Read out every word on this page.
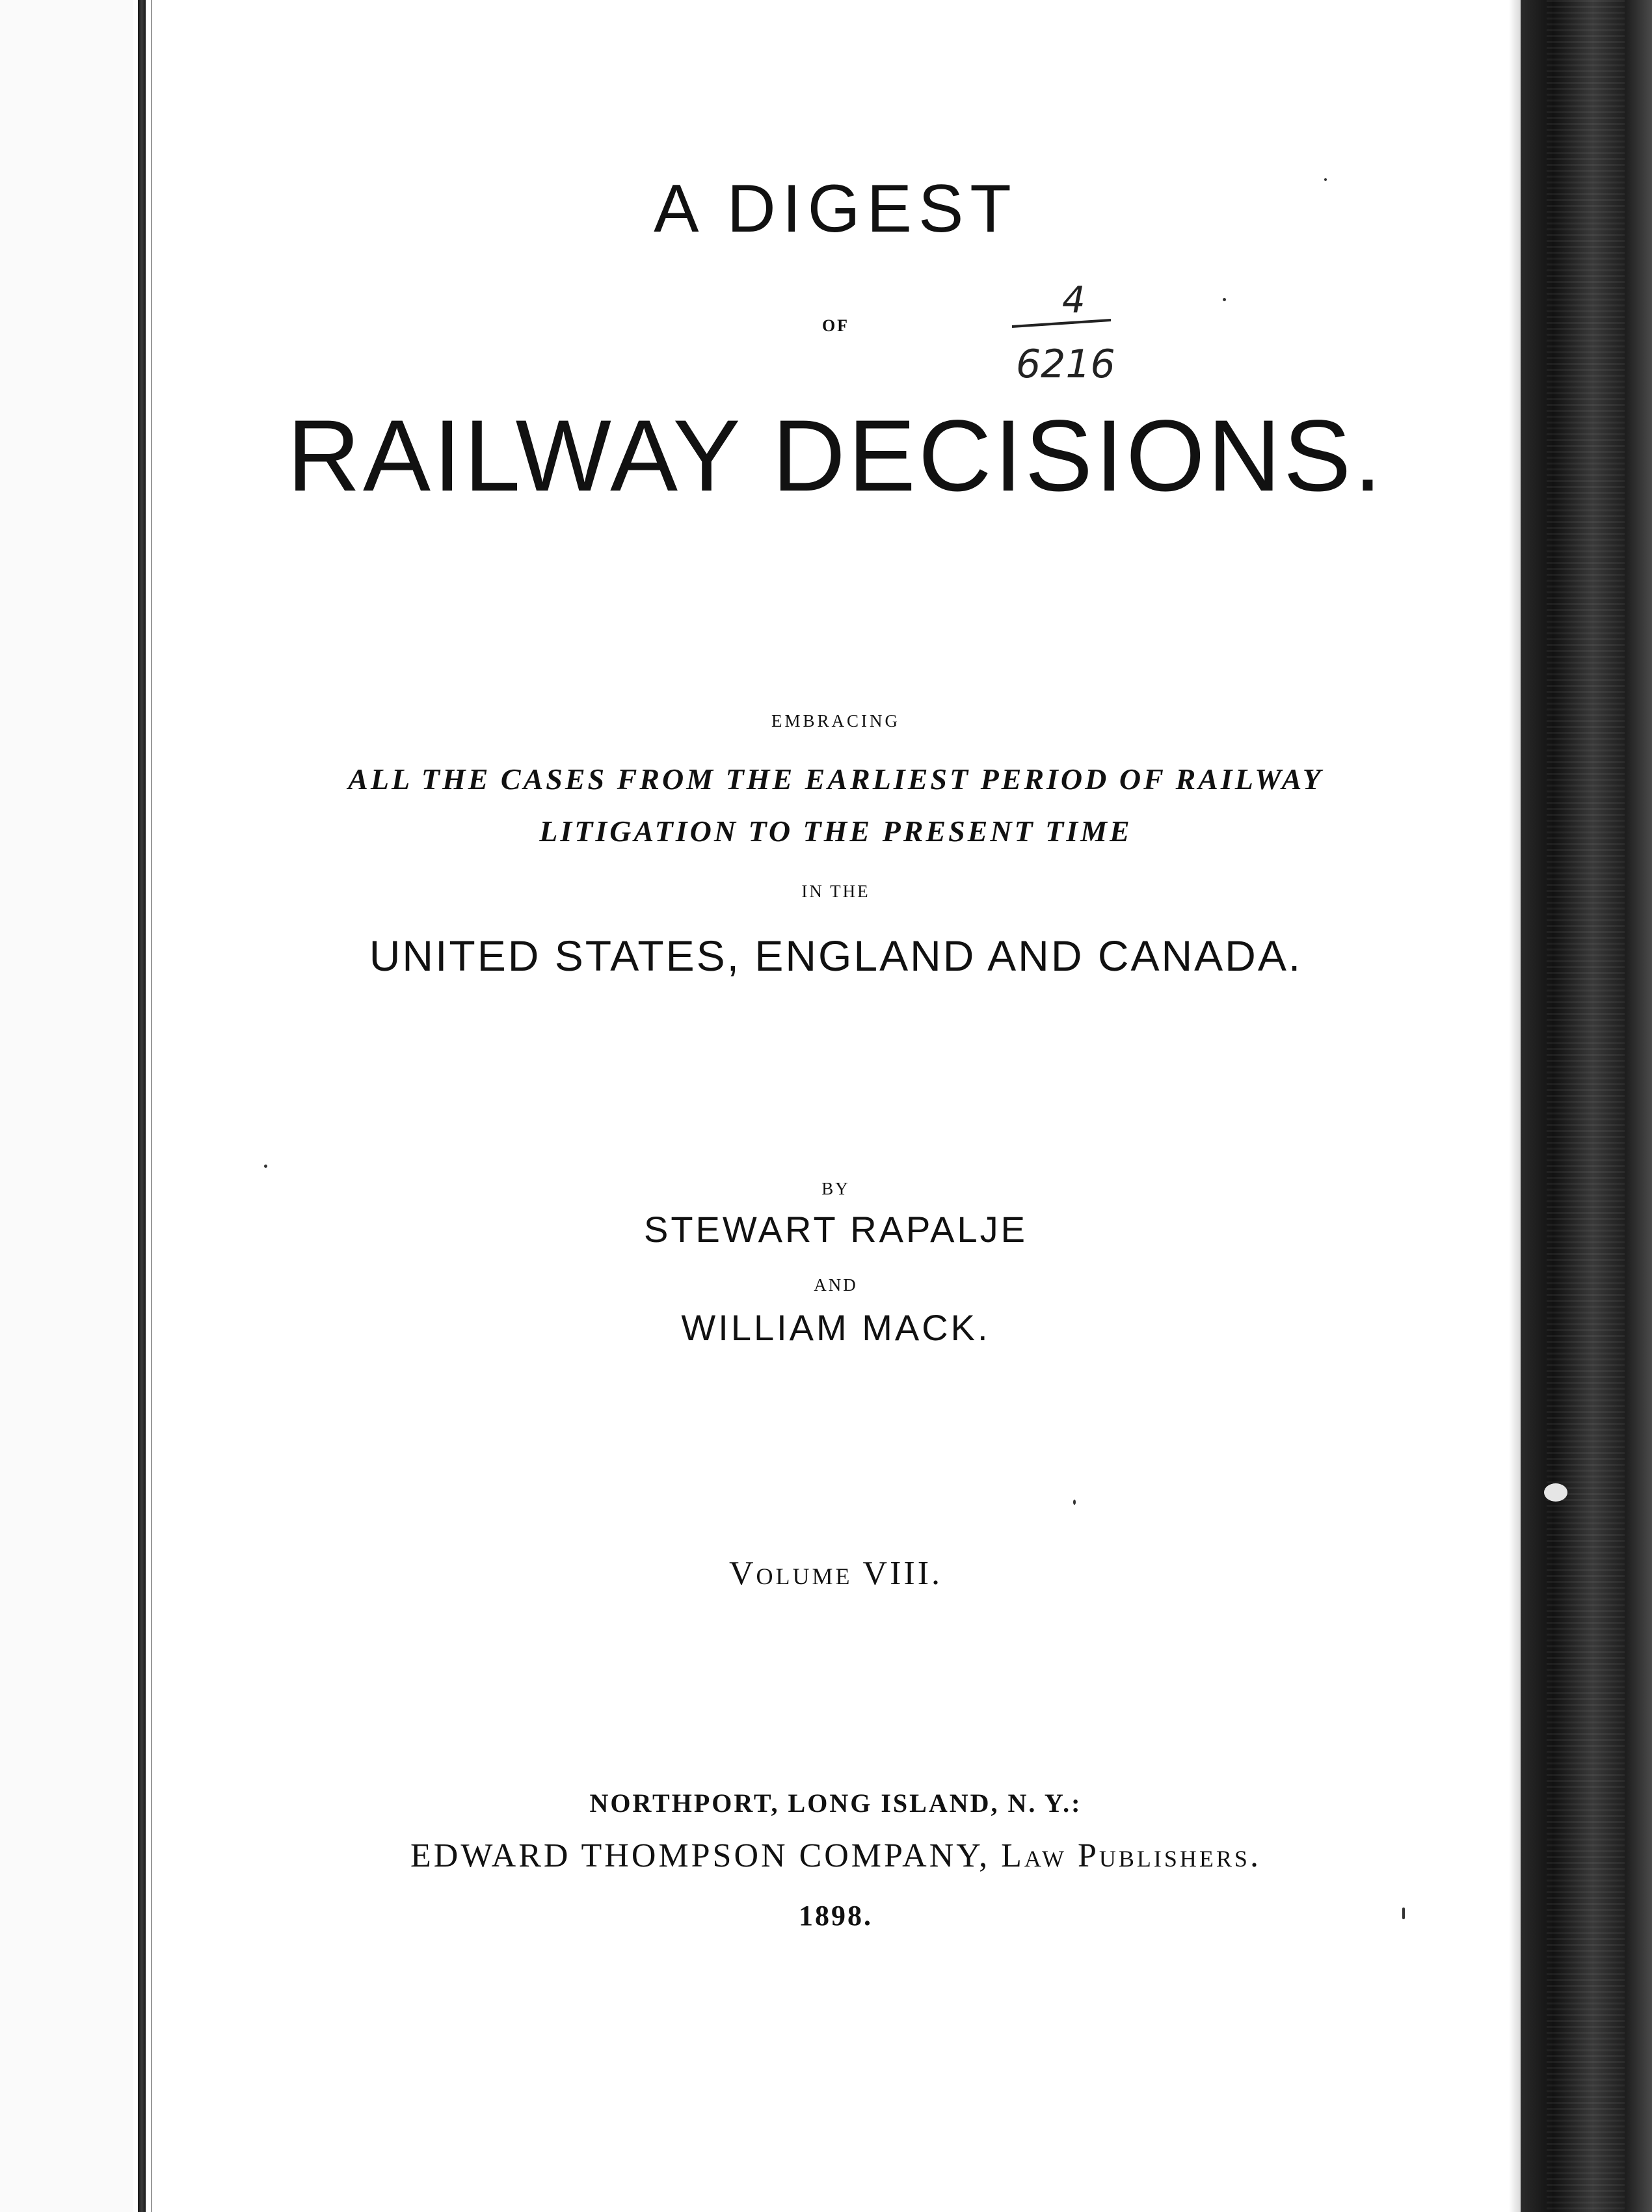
A DIGEST
OF
RAILWAY DECISIONS.
EMBRACING
ALL THE CASES FROM THE EARLIEST PERIOD OF RAILWAY
LITIGATION TO THE PRESENT TIME
IN THE
UNITED STATES, ENGLAND AND CANADA.
BY
STEWART RAPALJE
AND
WILLIAM MACK.
Volume VIII.
NORTHPORT, LONG ISLAND, N. Y.:
EDWARD THOMPSON COMPANY, Law Publishers.
1898.
4
6216
